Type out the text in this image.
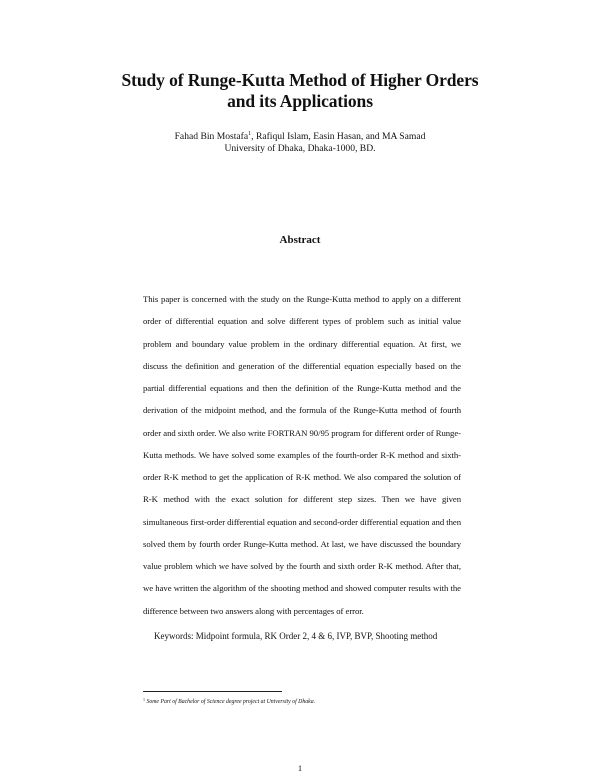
Study of Runge-Kutta Method of Higher Orders
and its Applications
Fahad Bin Mostafa$^1$, Rafiqul Islam, Easin Hasan, and MA Samad
University of Dhaka, Dhaka-1000, BD.
Abstract
This paper is concerned with the study on the Runge-Kutta method to apply on a different order of differential equation and solve different types of problem such as initial value problem and boundary value problem in the ordinary differential equation. At first, we discuss the definition and generation of the differential equation especially based on the partial differential equations and then the definition of the Runge-Kutta method and the derivation of the midpoint method, and the formula of the Runge-Kutta method of fourth order and sixth order. We also write FORTRAN 90/95 program for different order of Runge-Kutta methods. We have solved some examples of the fourth-order R-K method and sixth-order R-K method to get the application of R-K method. We also compared the solution of R-K method with the exact solution for different step sizes. Then we have given simultaneous first-order differential equation and second-order differential equation and then solved them by fourth order Runge-Kutta method. At last, we have discussed the boundary value problem which we have solved by the fourth and sixth order R-K method. After that, we have written the algorithm of the shooting method and showed computer results with the difference between two answers along with percentages of error.
Keywords: Midpoint formula, RK Order 2, 4 & 6, IVP, BVP, Shooting method
$^1$ Some Part of Bachelor of Science degree project at University of Dhaka.
1
